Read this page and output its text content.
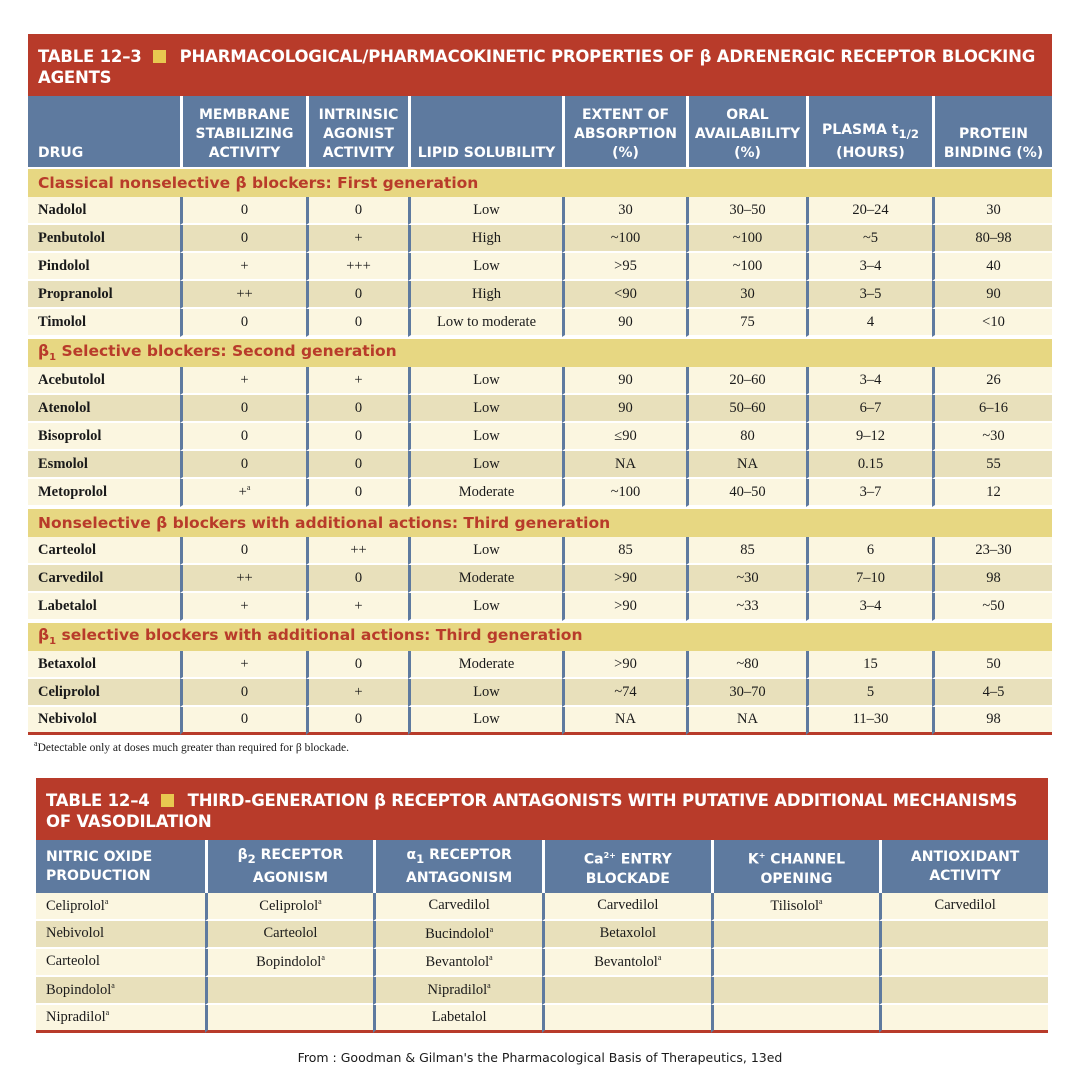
TABLE 12–3 PHARMACOLOGICAL/PHARMACOKINETIC PROPERTIES OF β ADRENERGIC RECEPTOR BLOCKING AGENTS
DRUG	MEMBRANE STABILIZING ACTIVITY	INTRINSIC AGONIST ACTIVITY	LIPID SOLUBILITY	EXTENT OF ABSORPTION (%)	ORAL AVAILABILITY (%)	PLASMA $t_{1/2}$ (HOURS)	PROTEIN BINDING (%)
Classical nonselective β blockers: First generation							
Nadolol	0	0	Low	30	30–50	20–24	30
Penbutolol	0	+	High	~100	~100	~5	80–98
Pindolol	+	+++	Low	>95	~100	3–4	40
Propranolol	++	0	High	<90	30	3–5	90
Timolol	0	0	Low to moderate	90	75	4	<10
$\beta_1$ Selective blockers: Second generation							
Acebutolol	+	+	Low	90	20–60	3–4	26
Atenolol	0	0	Low	90	50–60	6–7	6–16
Bisoprolol	0	0	Low	≤90	80	9–12	~30
Esmolol	0	0	Low	NA	NA	0.15	55
Metoprolol	+$^a$	0	Moderate	~100	40–50	3–7	12
Nonselective β blockers with additional actions: Third generation							
Carteolol	0	++	Low	85	85	6	23–30
Carvedilol	++	0	Moderate	>90	~30	7–10	98
Labetalol	+	+	Low	>90	~33	3–4	~50
$\beta_1$ selective blockers with additional actions: Third generation							
Betaxolol	+	0	Moderate	>90	~80	15	50
Celiprolol	0	+	Low	~74	30–70	5	4–5
Nebivolol	0	0	Low	NA	NA	11–30	98
$^a$Detectable only at doses much greater than required for β blockade.
TABLE 12–4 THIRD-GENERATION β RECEPTOR ANTAGONISTS WITH PUTATIVE ADDITIONAL MECHANISMS OF VASODILATION
NITRIC OXIDE PRODUCTION	$\beta_2$ RECEPTOR AGONISM	$\alpha_1$ RECEPTOR ANTAGONISM	$Ca^{2+}$ ENTRY BLOCKADE	K+ CHANNEL OPENING	ANTIOXIDANT ACTIVITY
Celiprolol$^a$	Celiprolol$^a$	Carvedilol	Carvedilol	Tilisolol$^a$	Carvedilol
Nebivolol	Carteolol	Bucindolol$^a$	Betaxolol		
Carteolol	Bopindolol$^a$	Bevantolol$^a$	Bevantolol$^a$		
Bopindolol$^a$		Nipradilol$^a$			
Nipradilol$^a$		Labetalol			
From : Goodman & Gilman's the Pharmacological Basis of Therapeutics, 13ed
